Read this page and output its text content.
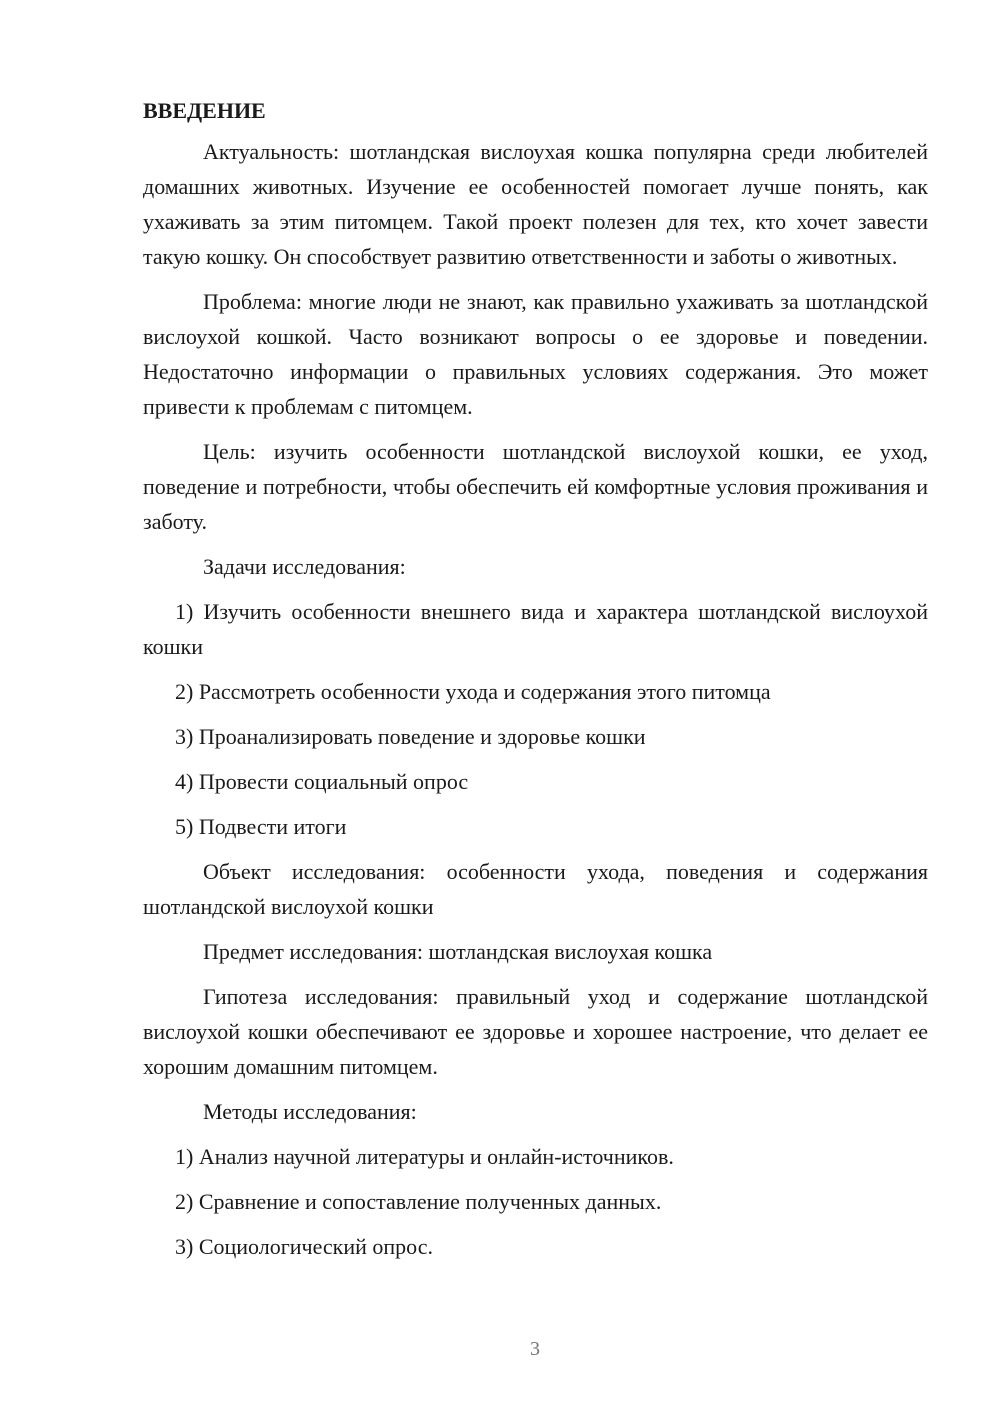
ВВЕДЕНИЕ

Актуальность: шотландская вислоухая кошка популярна среди любителей домашних животных. Изучение ее особенностей помогает лучше понять, как ухаживать за этим питомцем. Такой проект полезен для тех, кто хочет завести такую кошку. Он способствует развитию ответственности и заботы о животных.

Проблема: многие люди не знают, как правильно ухаживать за шотландской вислоухой кошкой. Часто возникают вопросы о ее здоровье и поведении. Недостаточно информации о правильных условиях содержания. Это может привести к проблемам с питомцем.

Цель: изучить особенности шотландской вислоухой кошки, ее уход, поведение и потребности, чтобы обеспечить ей комфортные условия проживания и заботу.

Задачи исследования:

1) Изучить особенности внешнего вида и характера шотландской вислоухой кошки

2) Рассмотреть особенности ухода и содержания этого питомца

3) Проанализировать поведение и здоровье кошки

4) Провести социальный опрос

5) Подвести итоги

Объект исследования: особенности ухода, поведения и содержания шотландской вислоухой кошки

Предмет исследования: шотландская вислоухая кошка

Гипотеза исследования: правильный уход и содержание шотландской вислоухой кошки обеспечивают ее здоровье и хорошее настроение, что делает ее хорошим домашним питомцем.

Методы исследования:

1) Анализ научной литературы и онлайн-источников.

2) Сравнение и сопоставление полученных данных.

3) Социологический опрос.

3
